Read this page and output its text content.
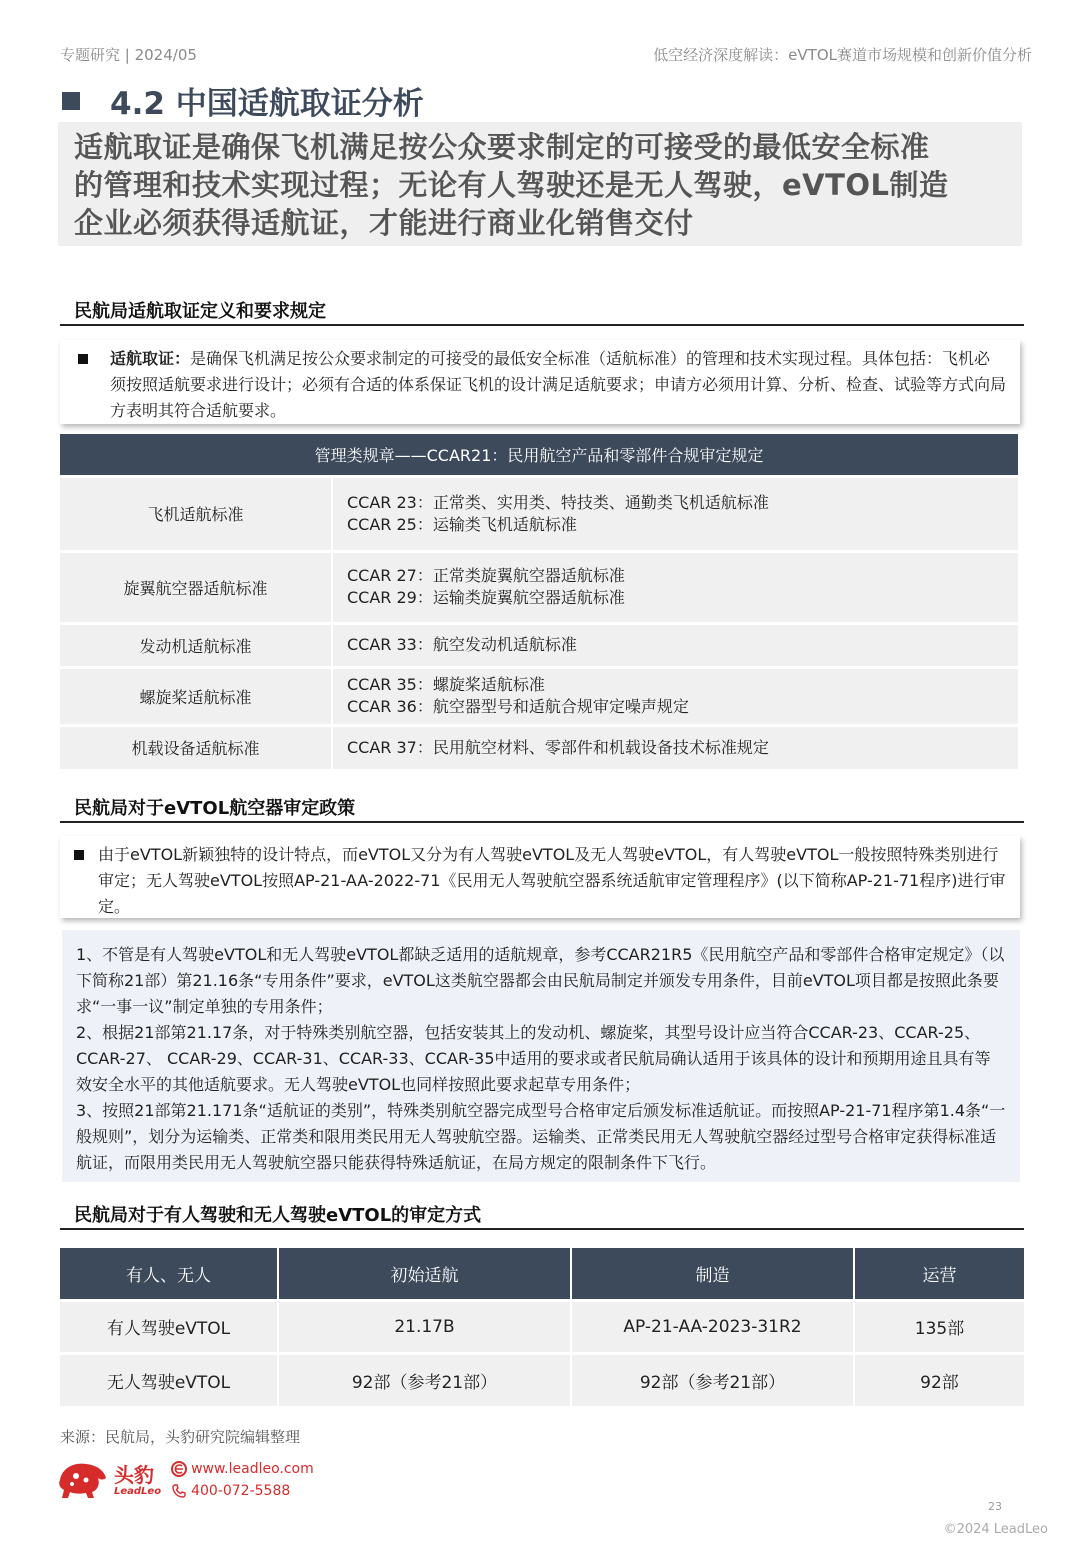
专题研究 | 2024/05	低空经济深度解读：eVTOL赛道市场规模和创新价值分析
4.2 中国适航取证分析
适航取证是确保飞机满足按公众要求制定的可接受的最低安全标准
的管理和技术实现过程；无论有人驾驶还是无人驾驶，eVTOL制造
企业必须获得适航证，才能进行商业化销售交付
民航局适航取证定义和要求规定
适航取证：是确保飞机满足按公众要求制定的可接受的最低安全标准（适航标准）的管理和技术实现过程。具体包括：飞机必须按照适航要求进行设计；必须有合适的体系保证飞机的设计满足适航要求；申请方必须用计算、分析、检查、试验等方式向局方表明其符合适航要求。
管理类规章——CCAR21：民用航空产品和零部件合规审定规定	
飞机适航标准	CCAR 23：正常类、实用类、特技类、通勤类飞机适航标准
CCAR 25：运输类飞机适航标准

旋翼航空器适航标准	CCAR 27：正常类旋翼航空器适航标准
CCAR 29：运输类旋翼航空器适航标准

发动机适航标准	CCAR 33：航空发动机适航标准

螺旋桨适航标准	CCAR 35：螺旋桨适航标准
CCAR 36：航空器型号和适航合规审定噪声规定

机载设备适航标准	CCAR 37：民用航空材料、零部件和机载设备技术标准规定
民航局对于eVTOL航空器审定政策
由于eVTOL新颖独特的设计特点，而eVTOL又分为有人驾驶eVTOL及无人驾驶eVTOL，有人驾驶eVTOL一般按照特殊类别进行审定；无人驾驶eVTOL按照AP-21-AA-2022-71《民用无人驾驶航空器系统适航审定管理程序》(以下简称AP-21-71程序)进行审定。
1、不管是有人驾驶eVTOL和无人驾驶eVTOL都缺乏适用的适航规章，参考CCAR21R5《民用航空产品和零部件合格审定规定》（以下简称21部）第21.16条“专用条件”要求，eVTOL这类航空器都会由民航局制定并颁发专用条件，目前eVTOL项目都是按照此条要求“一事一议”制定单独的专用条件；
2、根据21部第21.17条，对于特殊类别航空器，包括安装其上的发动机、螺旋桨，其型号设计应当符合CCAR-23、CCAR-25、CCAR-27、 CCAR-29、CCAR-31、CCAR-33、CCAR-35中适用的要求或者民航局确认适用于该具体的设计和预期用途且具有等效安全水平的其他适航要求。无人驾驶eVTOL也同样按照此要求起草专用条件；
3、按照21部第21.171条“适航证的类别”，特殊类别航空器完成型号合格审定后颁发标准适航证。而按照AP-21-71程序第1.4条“一般规则”，划分为运输类、正常类和限用类民用无人驾驶航空器。运输类、正常类民用无人驾驶航空器经过型号合格审定获得标准适航证，而限用类民用无人驾驶航空器只能获得特殊适航证，在局方规定的限制条件下飞行。
民航局对于有人驾驶和无人驾驶eVTOL的审定方式
有人、无人	初始适航	制造	运营
有人驾驶eVTOL	21.17B	AP-21-AA-2023-31R2	135部
无人驾驶eVTOL	92部（参考21部）	92部（参考21部）	92部
来源：民航局，头豹研究院编辑整理
头豹
LeadLeo
www.leadleo.com
400-072-5588
23
©2024 LeadLeo
